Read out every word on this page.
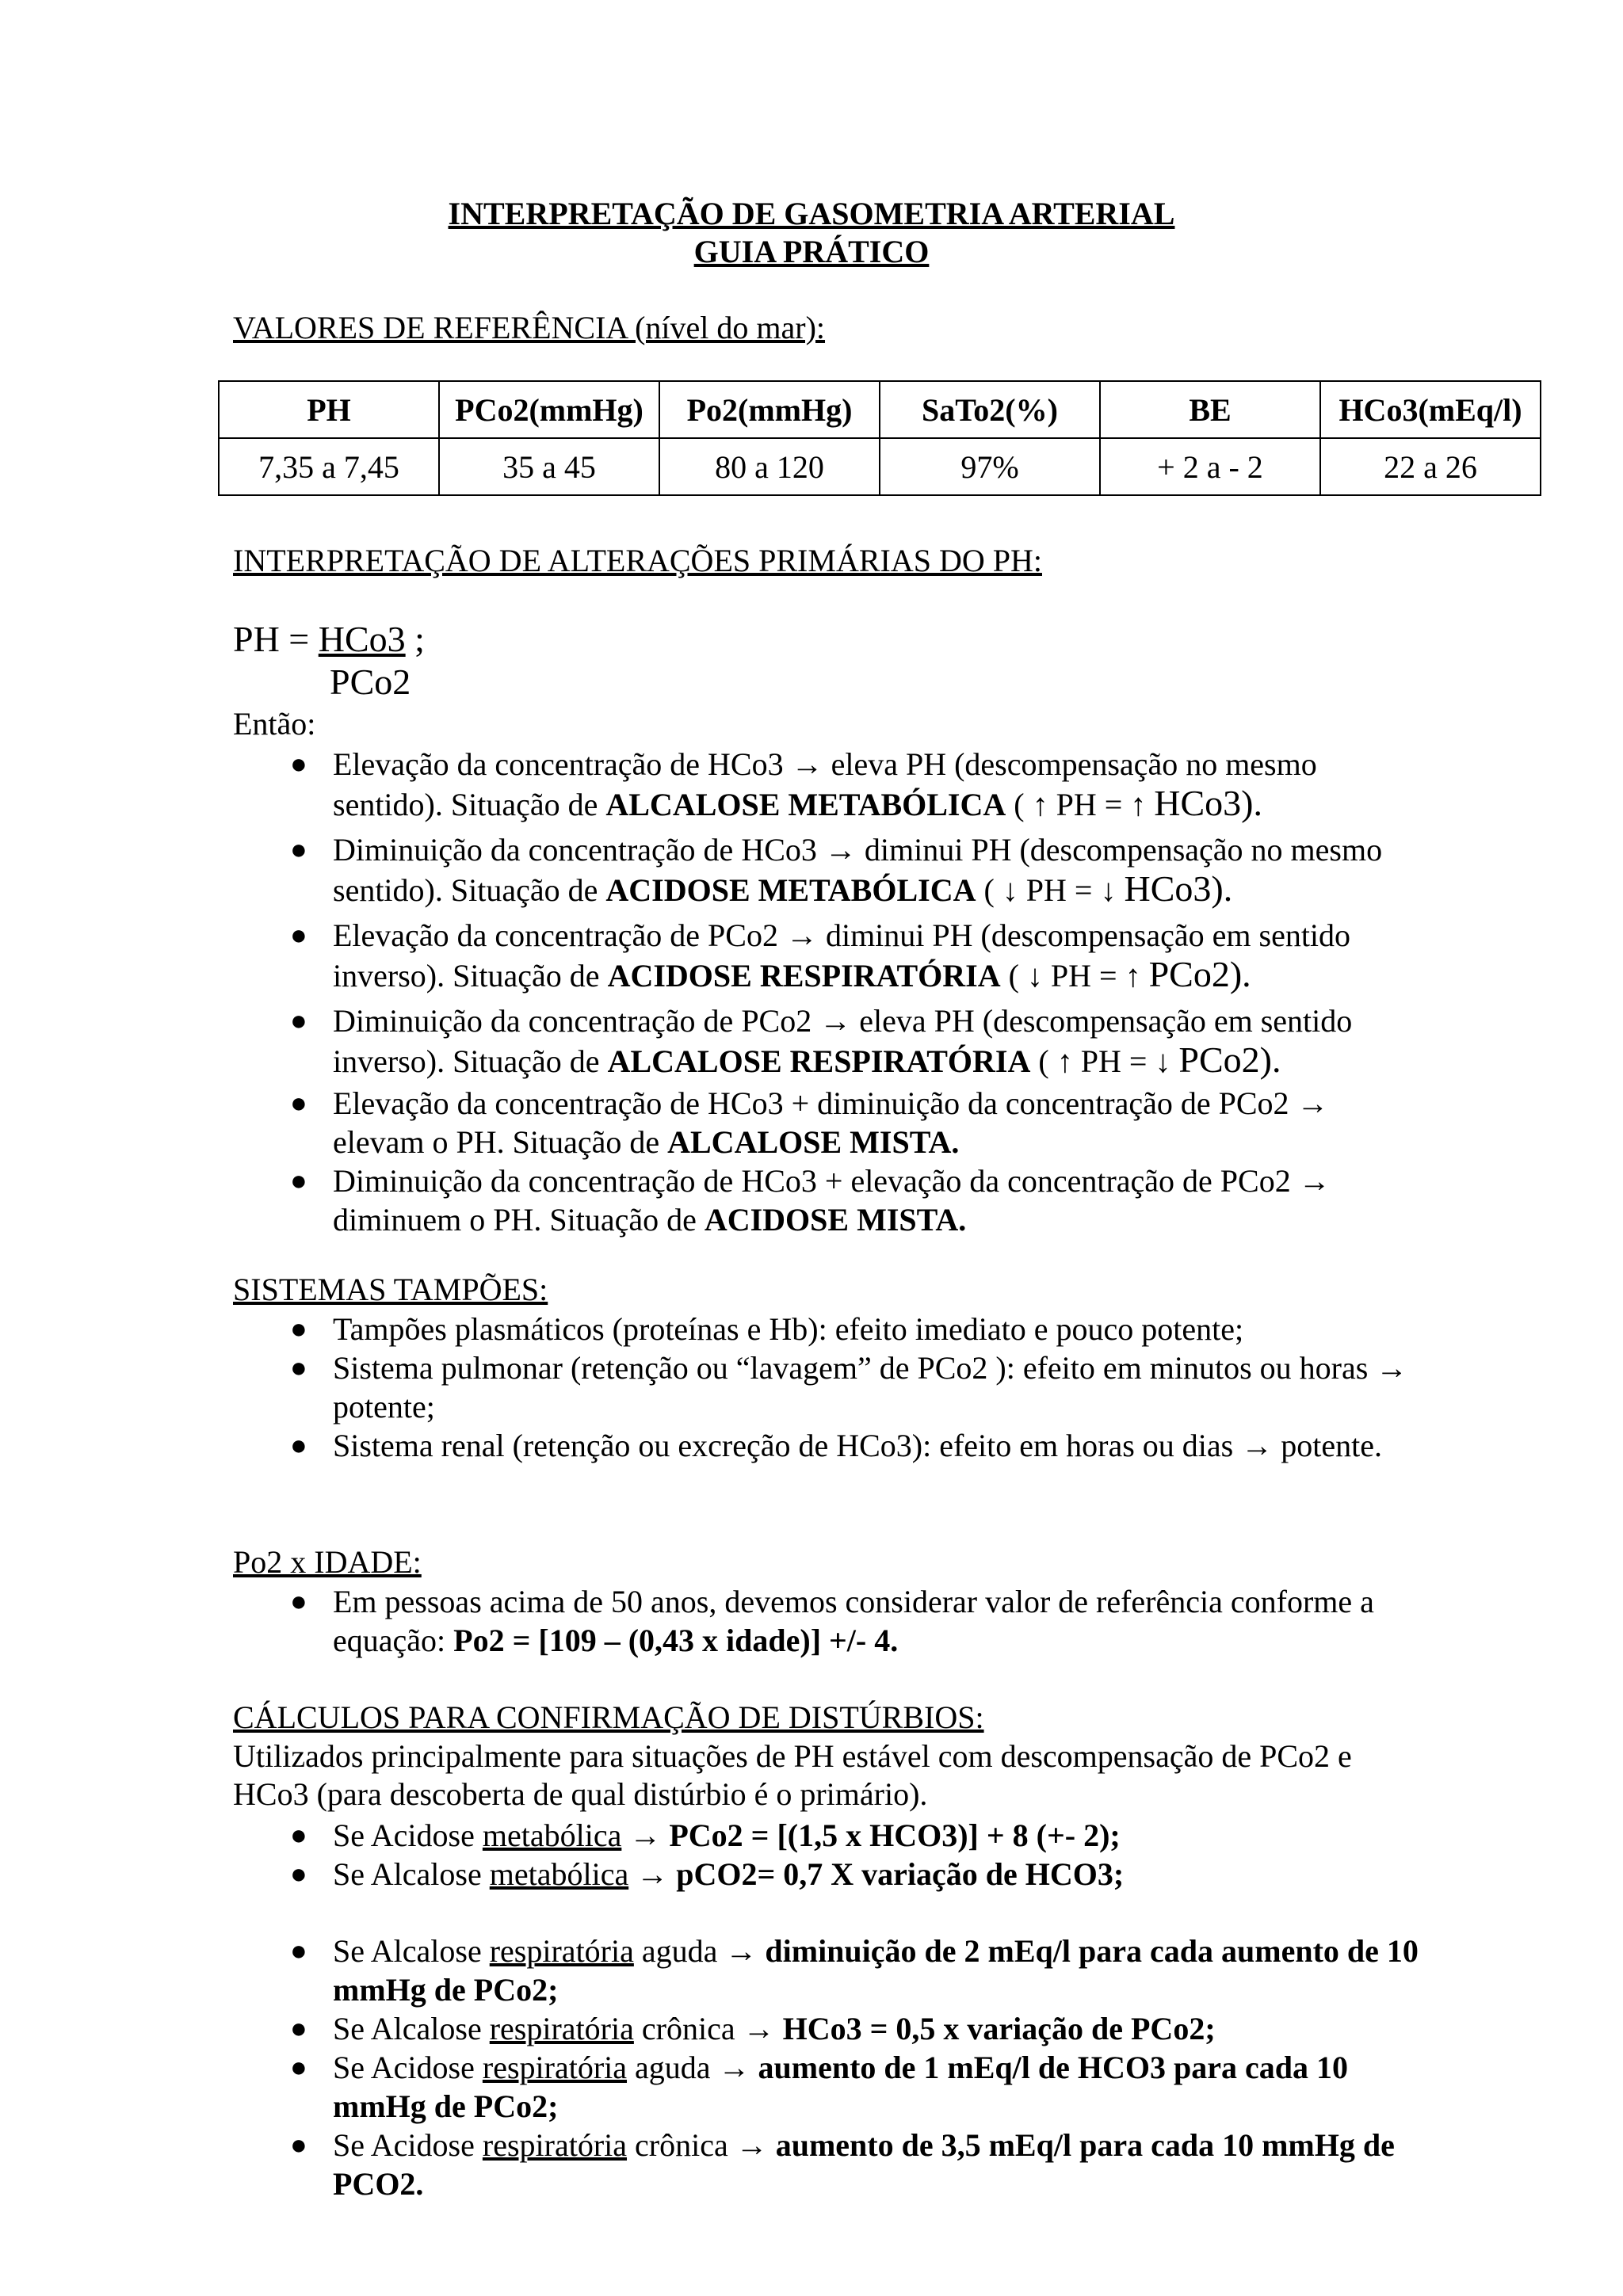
INTERPRETAÇÃO DE GASOMETRIA ARTERIAL
GUIA PRÁTICO
VALORES DE REFERÊNCIA (nível do mar):
PH	PCo2(mmHg)	Po2(mmHg)	SaTo2(%)	BE	HCo3(mEq/l)
7,35 a 7,45	35 a 45	80 a 120	97%	+ 2 a - 2	22 a 26
INTERPRETAÇÃO DE ALTERAÇÕES PRIMÁRIAS DO PH:
PH = HCo3 ;
PCo2
Então:
● Elevação da concentração de HCo3 → eleva PH (descompensação no mesmo sentido). Situação de ALCALOSE METABÓLICA ( ↑ PH = ↑ HCo3).
● Diminuição da concentração de HCo3 → diminui PH (descompensação no mesmo sentido). Situação de ACIDOSE METABÓLICA ( ↓ PH = ↓ HCo3).
● Elevação da concentração de PCo2 → diminui PH (descompensação em sentido inverso). Situação de ACIDOSE RESPIRATÓRIA ( ↓ PH = ↑ PCo2).
● Diminuição da concentração de PCo2 → eleva PH (descompensação em sentido inverso). Situação de ALCALOSE RESPIRATÓRIA ( ↑ PH = ↓ PCo2).
● Elevação da concentração de HCo3 + diminuição da concentração de PCo2 → elevam o PH. Situação de ALCALOSE MISTA.
● Diminuição da concentração de HCo3 + elevação da concentração de PCo2 → diminuem o PH. Situação de ACIDOSE MISTA.
SISTEMAS TAMPÕES:
● Tampões plasmáticos (proteínas e Hb): efeito imediato e pouco potente;
● Sistema pulmonar (retenção ou “lavagem” de PCo2 ): efeito em minutos ou horas → potente;
● Sistema renal (retenção ou excreção de HCo3): efeito em horas ou dias → potente.
Po2 x IDADE:
● Em pessoas acima de 50 anos, devemos considerar valor de referência conforme a equação: Po2 = [109 – (0,43 x idade)] +/- 4.
CÁLCULOS PARA CONFIRMAÇÃO DE DISTÚRBIOS:
Utilizados principalmente para situações de PH estável com descompensação de PCo2 e HCo3 (para descoberta de qual distúrbio é o primário).
● Se Acidose metabólica → PCo2 = [(1,5 x HCO3)] + 8 (+- 2);
● Se Alcalose metabólica → pCO2= 0,7 X variação de HCO3;
● Se Alcalose respiratória aguda → diminuição de 2 mEq/l para cada aumento de 10 mmHg de PCo2;
● Se Alcalose respiratória crônica → HCo3 = 0,5 x variação de PCo2;
● Se Acidose respiratória aguda → aumento de 1 mEq/l de HCO3 para cada 10 mmHg de PCo2;
● Se Acidose respiratória crônica → aumento de 3,5 mEq/l para cada 10 mmHg de PCO2.
